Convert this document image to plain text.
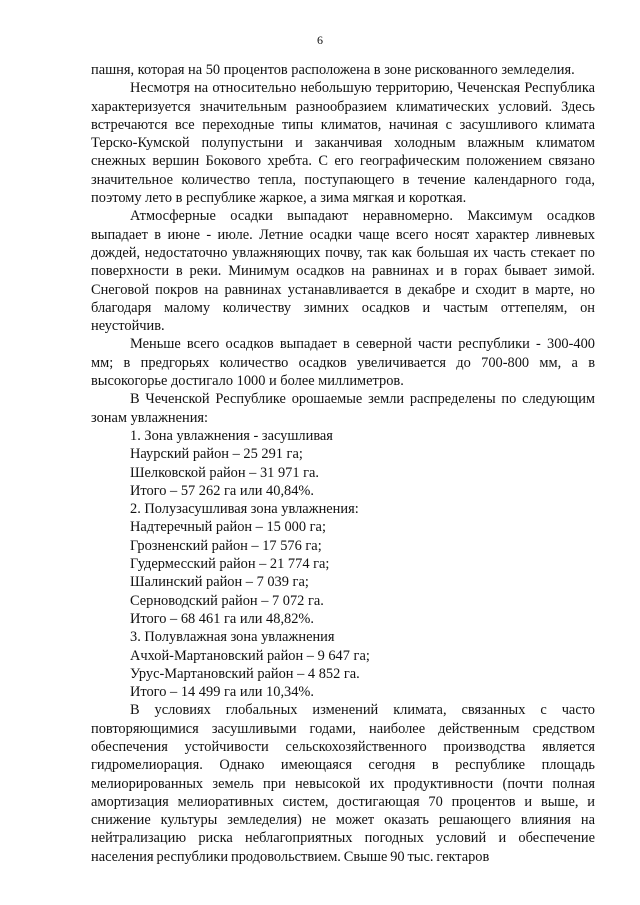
6

пашня, которая на 50 процентов расположена в зоне рискованного земледелия.

Несмотря на относительно небольшую территорию, Чеченская Республика характеризуется значительным разнообразием климатических условий. Здесь встречаются все переходные типы климатов, начиная с засушливого климата Терско-Кумской полупустыни и заканчивая холодным влажным климатом снежных вершин Бокового хребта. С его географическим положением связано значительное количество тепла, поступающего в течение календарного года, поэтому лето в республике жаркое, а зима мягкая и короткая.

Атмосферные осадки выпадают неравномерно. Максимум осадков выпадает в июне - июле. Летние осадки чаще всего носят характер ливневых дождей, недостаточно увлажняющих почву, так как большая их часть стекает по поверхности в реки. Минимум осадков на равнинах и в горах бывает зимой. Снеговой покров на равнинах устанавливается в декабре и сходит в марте, но благодаря малому количеству зимних осадков и частым оттепелям, он неустойчив.

Меньше всего осадков выпадает в северной части республики - 300-400 мм; в предгорьях количество осадков увеличивается до 700-800 мм, а в высокогорье достигало 1000 и более миллиметров.

В Чеченской Республике орошаемые земли распределены по следующим зонам увлажнения:

1. Зона увлажнения - засушливая

Наурский район – 25 291 га;

Шелковской район – 31 971 га.

Итого – 57 262 га или 40,84%.

2. Полузасушливая зона увлажнения:

Надтеречный район – 15 000 га;

Грозненский район – 17 576 га;

Гудермесский район – 21 774 га;

Шалинский район – 7 039 га;

Серноводский район – 7 072 га.

Итого – 68 461 га или 48,82%.

3. Полувлажная зона увлажнения

Ачхой-Мартановский район – 9 647 га;

Урус-Мартановский район – 4 852 га.

Итого – 14 499 га или 10,34%.

В условиях глобальных изменений климата, связанных с часто повторяющимися засушливыми годами, наиболее действенным средством обеспечения устойчивости сельскохозяйственного производства является гидромелиорация. Однако имеющаяся сегодня в республике площадь мелиорированных земель при невысокой их продуктивности (почти полная амортизация мелиоративных систем, достигающая 70 процентов и выше, и снижение культуры земледелия) не может оказать решающего влияния на нейтрализацию риска неблагоприятных погодных условий и обеспечение населения республики продовольствием. Свыше 90 тыс. гектаров
